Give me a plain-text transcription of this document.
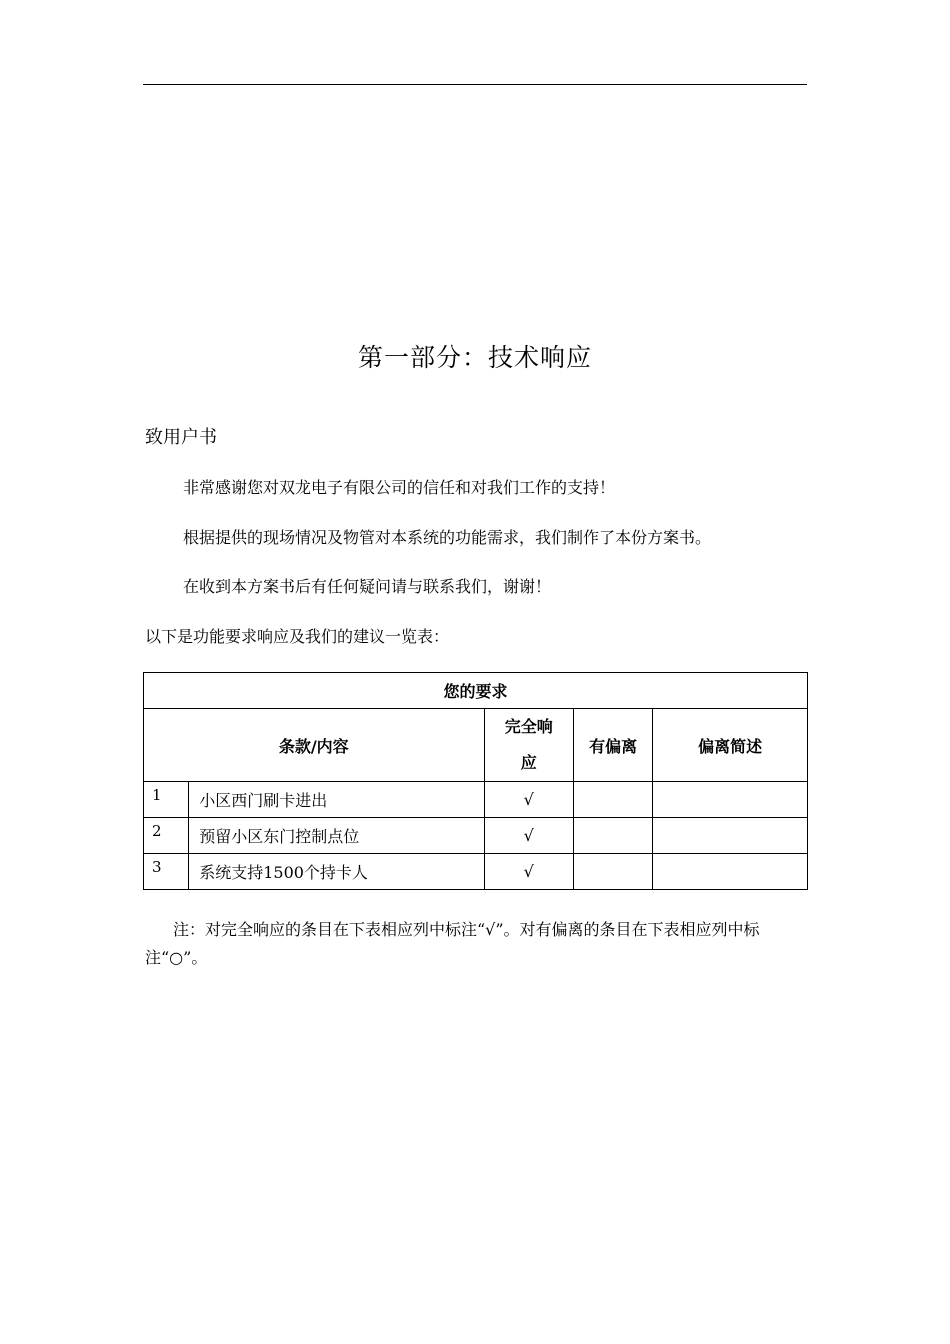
第一部分：技术响应
致用户书
非常感谢您对双龙电子有限公司的信任和对我们工作的支持！
根据提供的现场情况及物管对本系统的功能需求，我们制作了本份方案书。
在收到本方案书后有任何疑问请与联系我们，谢谢！
以下是功能要求响应及我们的建议一览表：
您的要求				
条款/内容		完全响应	有偏离	偏离简述
1	小区西门刷卡进出	√		
2	预留小区东门控制点位	√		
3	系统支持1500个持卡人	√		
注：对完全响应的条目在下表相应列中标注“√”。对有偏离的条目在下表相应列中标注“○”。
